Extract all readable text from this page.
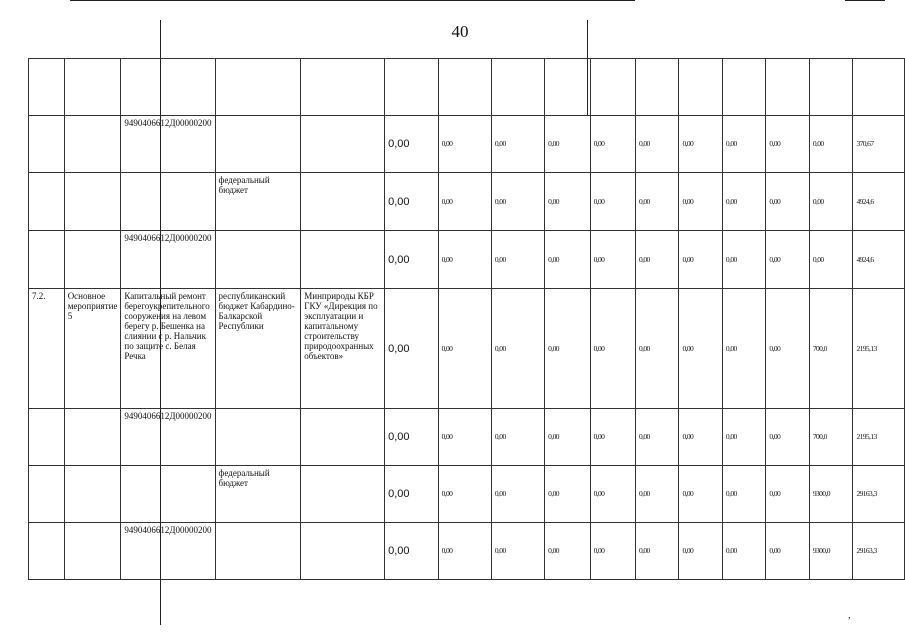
40

		9490406612Д00000200			0,00	0,00	0,00	0,00	0,00	0,00	0,00	0,00	0,00	0,00	370,67

			федеральный бюджет		0,00	0,00	0,00	0,00	0,00	0,00	0,00	0,00	0,00	0,00	4924,6

		9490406612Д00000200			0,00	0,00	0,00	0,00	0,00	0,00	0,00	0,00	0,00	0,00	4924,6

7.2.	Основное мероприятие 5	Капитальный ремонт берегоукрепительного сооружения на левом берегу р. Бешенка на слиянии с р. Нальчик по защите с. Белая Речка	республиканский бюджет Кабардино-Балкарской Республики	Минприроды КБР ГКУ «Дирекция по эксплуатации и капитальному строительству природоохранных объектов»	0,00	0,00	0,00	0,00	0,00	0,00	0,00	0,00	0,00	700,0	2195,13

		9490406612Д00000200			0,00	0,00	0,00	0,00	0,00	0,00	0,00	0,00	0,00	700,0	2195,13

			федеральный бюджет		0,00	0,00	0,00	0,00	0,00	0,00	0,00	0,00	0,00	9300,0	29163,3

		9490406612Д00000200			0,00	0,00	0,00	0,00	0,00	0,00	0,00	0,00	0,00	9300,0	29163,3
,
